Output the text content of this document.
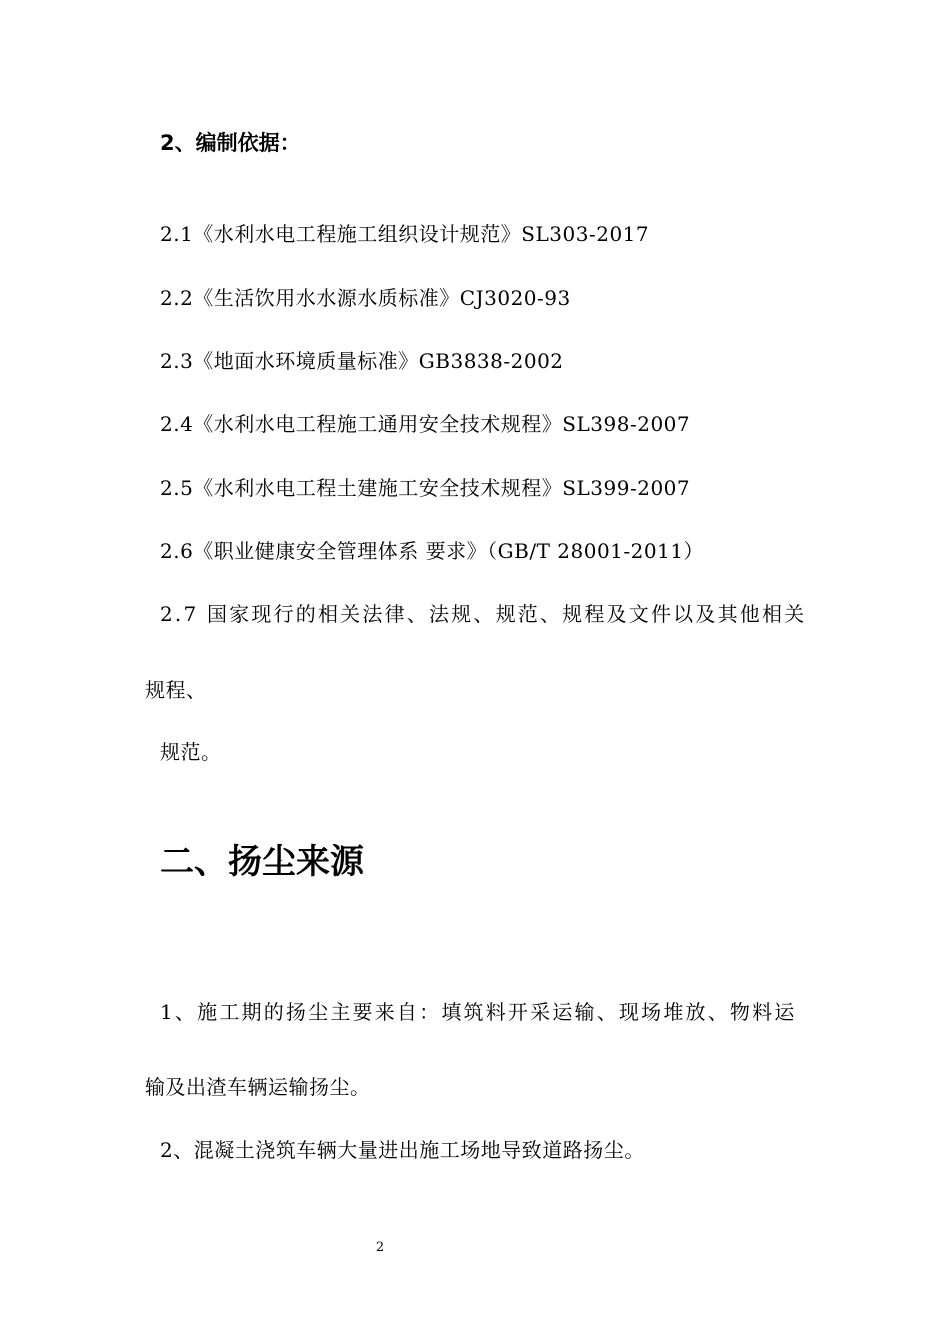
2、编制依据：
2.1《水利水电工程施工组织设计规范》SL303-2017
2.2《生活饮用水水源水质标准》CJ3020-93
2.3《地面水环境质量标准》GB3838-2002
2.4《水利水电工程施工通用安全技术规程》SL398-2007
2.5《水利水电工程土建施工安全技术规程》SL399-2007
2.6《职业健康安全管理体系 要求》（GB/T 28001-2011）
2.7 国家现行的相关法律、法规、规范、规程及文件以及其他相关
规程、
规范。
二、扬尘来源
1、施工期的扬尘主要来自：填筑料开采运输、现场堆放、物料运
输及出渣车辆运输扬尘。
2、混凝土浇筑车辆大量进出施工场地导致道路扬尘。
2
